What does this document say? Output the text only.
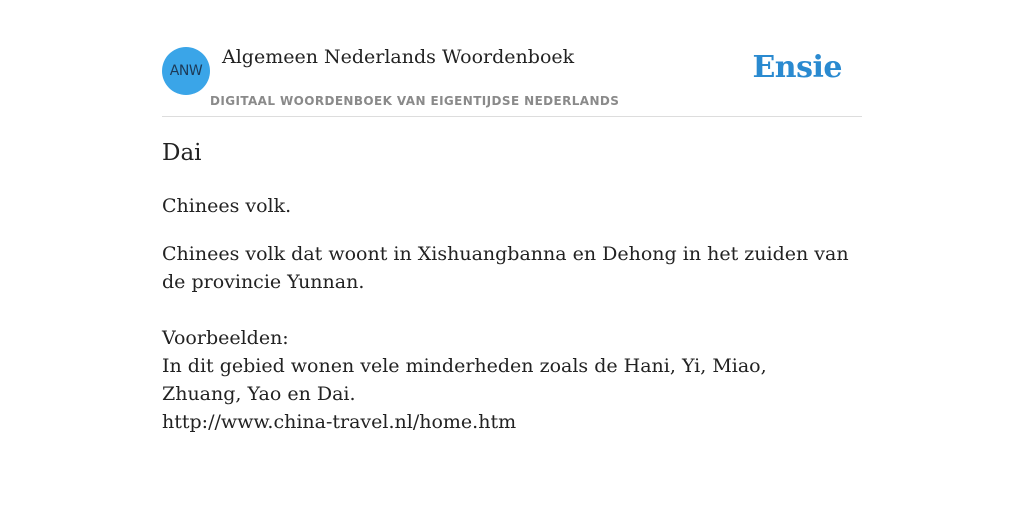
ANW
Algemeen Nederlands Woordenboek
DIGITAAL WOORDENBOEK VAN EIGENTIJDSE NEDERLANDS
Ensie
Dai

Chinees volk.

Chinees volk dat woont in Xishuangbanna en Dehong in het zuiden van de provincie Yunnan.

Voorbeelden:
In dit gebied wonen vele minderheden zoals de Hani, Yi, Miao, Zhuang, Yao en Dai.
http://www.china-travel.nl/home.htm
